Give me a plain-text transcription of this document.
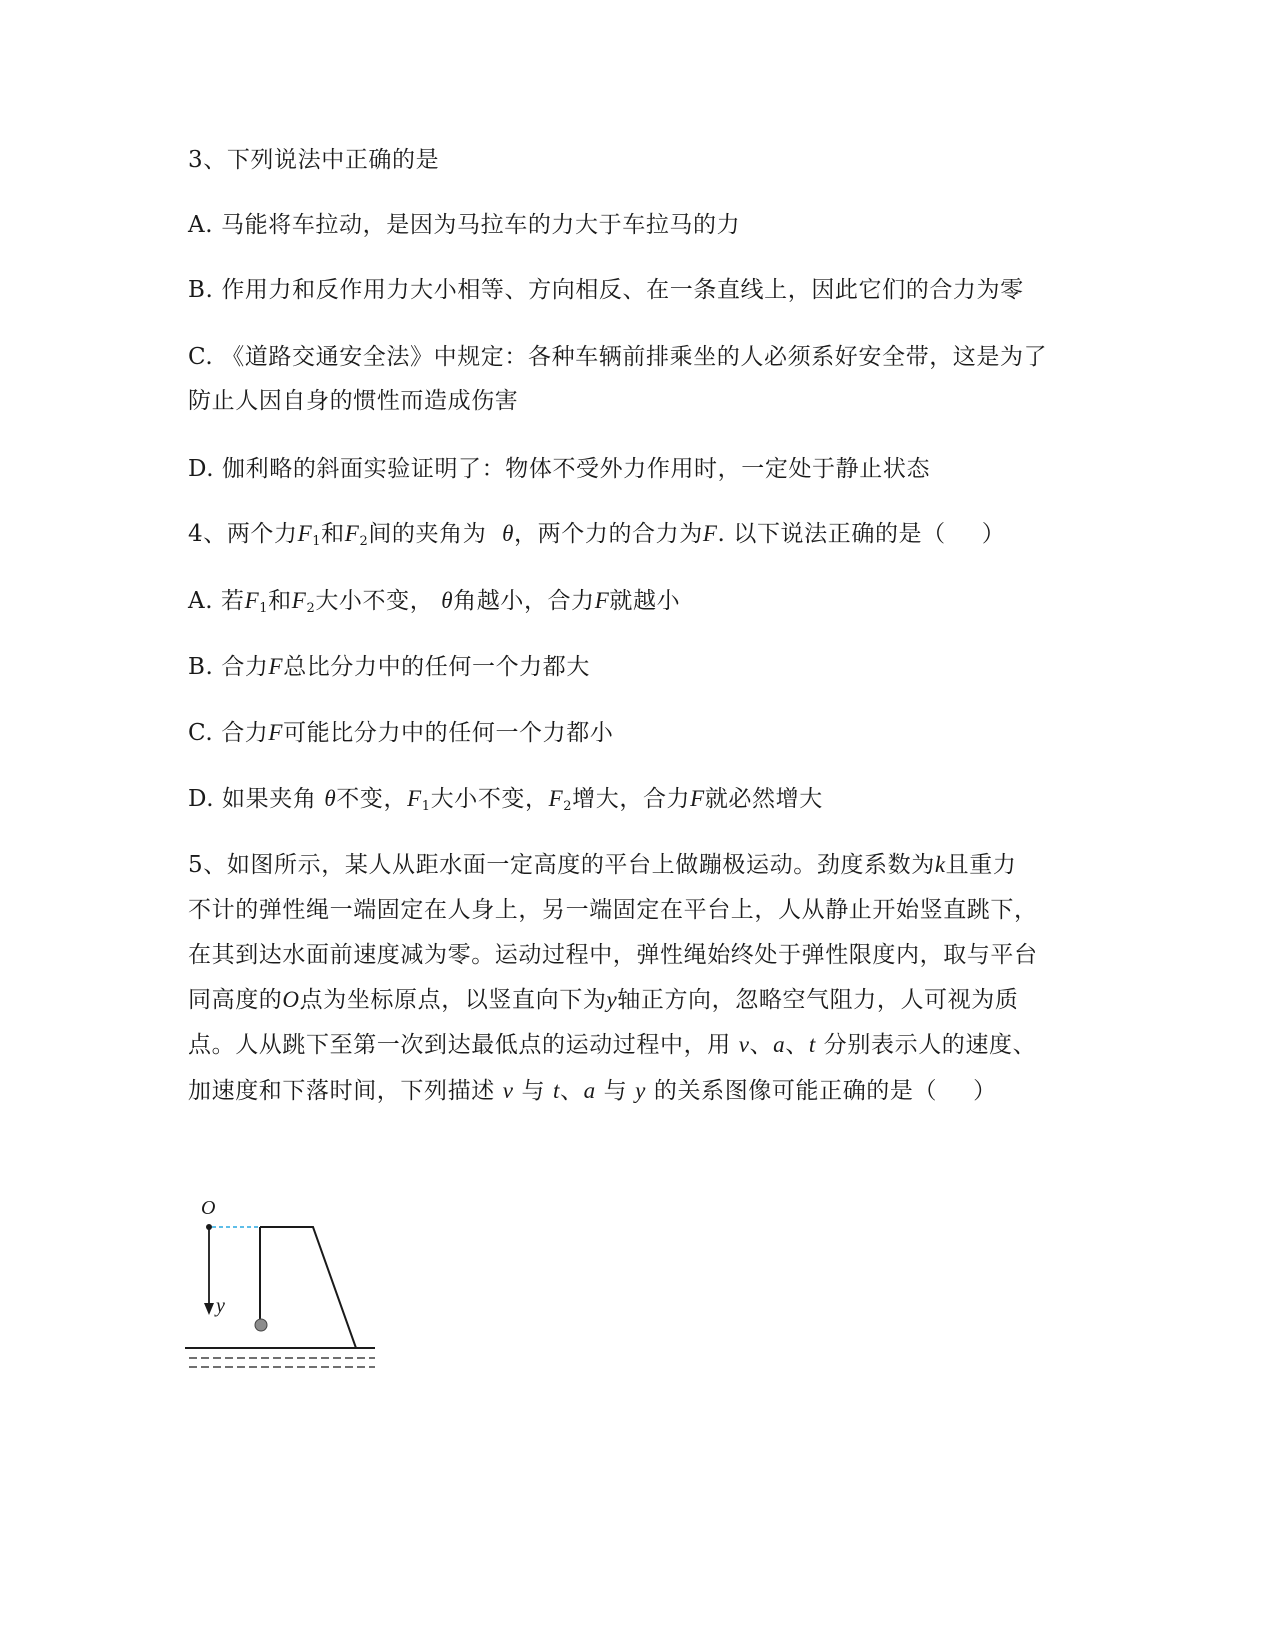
3、下列说法中正确的是
A. 马能将车拉动，是因为马拉车的力大于车拉马的力
B. 作用力和反作用力大小相等、方向相反、在一条直线上，因此它们的合力为零
C. 《道路交通安全法》中规定：各种车辆前排乘坐的人必须系好安全带，这是为了
防止人因自身的惯性而造成伤害
D. 伽利略的斜面实验证明了：物体不受外力作用时，一定处于静止状态
4、两个力$F_1$和$F_2$间的夹角为 θ，两个力的合力为F. 以下说法正确的是（ ）
A. 若$F_1$和$F_2$大小不变， θ角越小，合力F就越小
B. 合力F总比分力中的任何一个力都大
C. 合力F可能比分力中的任何一个力都小
D. 如果夹角 θ不变，$F_1$大小不变，$F_2$增大，合力F就必然增大
5、如图所示，某人从距水面一定高度的平台上做蹦极运动。劲度系数为k且重力
不计的弹性绳一端固定在人身上，另一端固定在平台上，人从静止开始竖直跳下，
在其到达水面前速度减为零。运动过程中，弹性绳始终处于弹性限度内，取与平台
同高度的O点为坐标原点，以竖直向下为y轴正方向，忽略空气阻力，人可视为质
点。人从跳下至第一次到达最低点的运动过程中，用 v、a、t 分别表示人的速度、
加速度和下落时间，下列描述 v 与 t、a 与 y 的关系图像可能正确的是（ ）
O
y
